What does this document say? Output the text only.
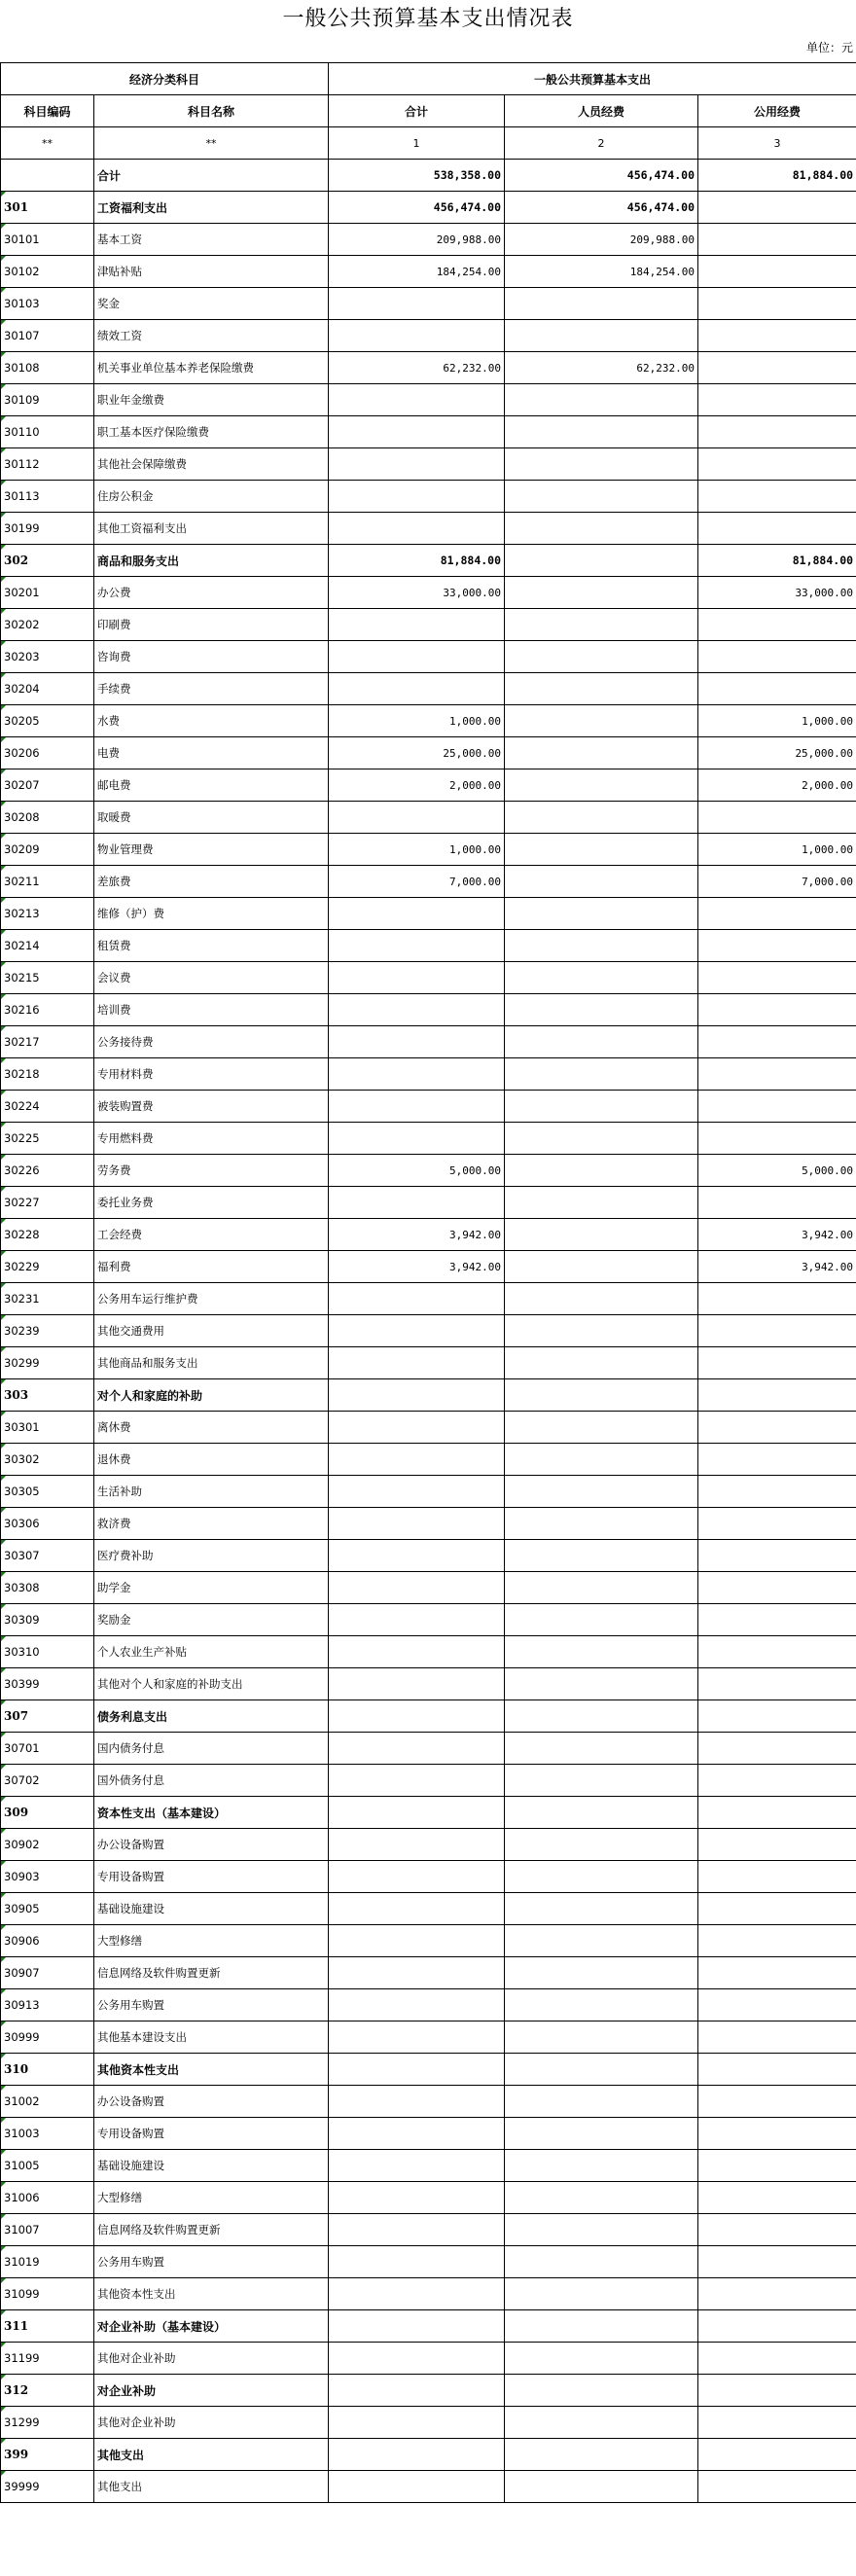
一般公共预算基本支出情况表
单位：元
经济分类科目		一般公共预算基本支出		
科目编码	科目名称	合计	人员经费	公用经费
**	**	1	2	3
	合计	538,358.00	456,474.00	81,884.00
301	工资福利支出	456,474.00	456,474.00	
30101	基本工资	209,988.00	209,988.00	
30102	津贴补贴	184,254.00	184,254.00	
30103	奖金			
30107	绩效工资			
30108	机关事业单位基本养老保险缴费	62,232.00	62,232.00	
30109	职业年金缴费			
30110	职工基本医疗保险缴费			
30112	其他社会保障缴费			
30113	住房公积金			
30199	其他工资福利支出			
302	商品和服务支出	81,884.00		81,884.00
30201	办公费	33,000.00		33,000.00
30202	印刷费			
30203	咨询费			
30204	手续费			
30205	水费	1,000.00		1,000.00
30206	电费	25,000.00		25,000.00
30207	邮电费	2,000.00		2,000.00
30208	取暖费			
30209	物业管理费	1,000.00		1,000.00
30211	差旅费	7,000.00		7,000.00
30213	维修（护）费			
30214	租赁费			
30215	会议费			
30216	培训费			
30217	公务接待费			
30218	专用材料费			
30224	被装购置费			
30225	专用燃料费			
30226	劳务费	5,000.00		5,000.00
30227	委托业务费			
30228	工会经费	3,942.00		3,942.00
30229	福利费	3,942.00		3,942.00
30231	公务用车运行维护费			
30239	其他交通费用			
30299	其他商品和服务支出			
303	对个人和家庭的补助			
30301	离休费			
30302	退休费			
30305	生活补助			
30306	救济费			
30307	医疗费补助			
30308	助学金			
30309	奖励金			
30310	个人农业生产补贴			
30399	其他对个人和家庭的补助支出			
307	债务利息支出			
30701	国内债务付息			
30702	国外债务付息			
309	资本性支出（基本建设）			
30902	办公设备购置			
30903	专用设备购置			
30905	基础设施建设			
30906	大型修缮			
30907	信息网络及软件购置更新			
30913	公务用车购置			
30999	其他基本建设支出			
310	其他资本性支出			
31002	办公设备购置			
31003	专用设备购置			
31005	基础设施建设			
31006	大型修缮			
31007	信息网络及软件购置更新			
31019	公务用车购置			
31099	其他资本性支出			
311	对企业补助（基本建设）			
31199	其他对企业补助			
312	对企业补助			
31299	其他对企业补助			
399	其他支出			
39999	其他支出			
